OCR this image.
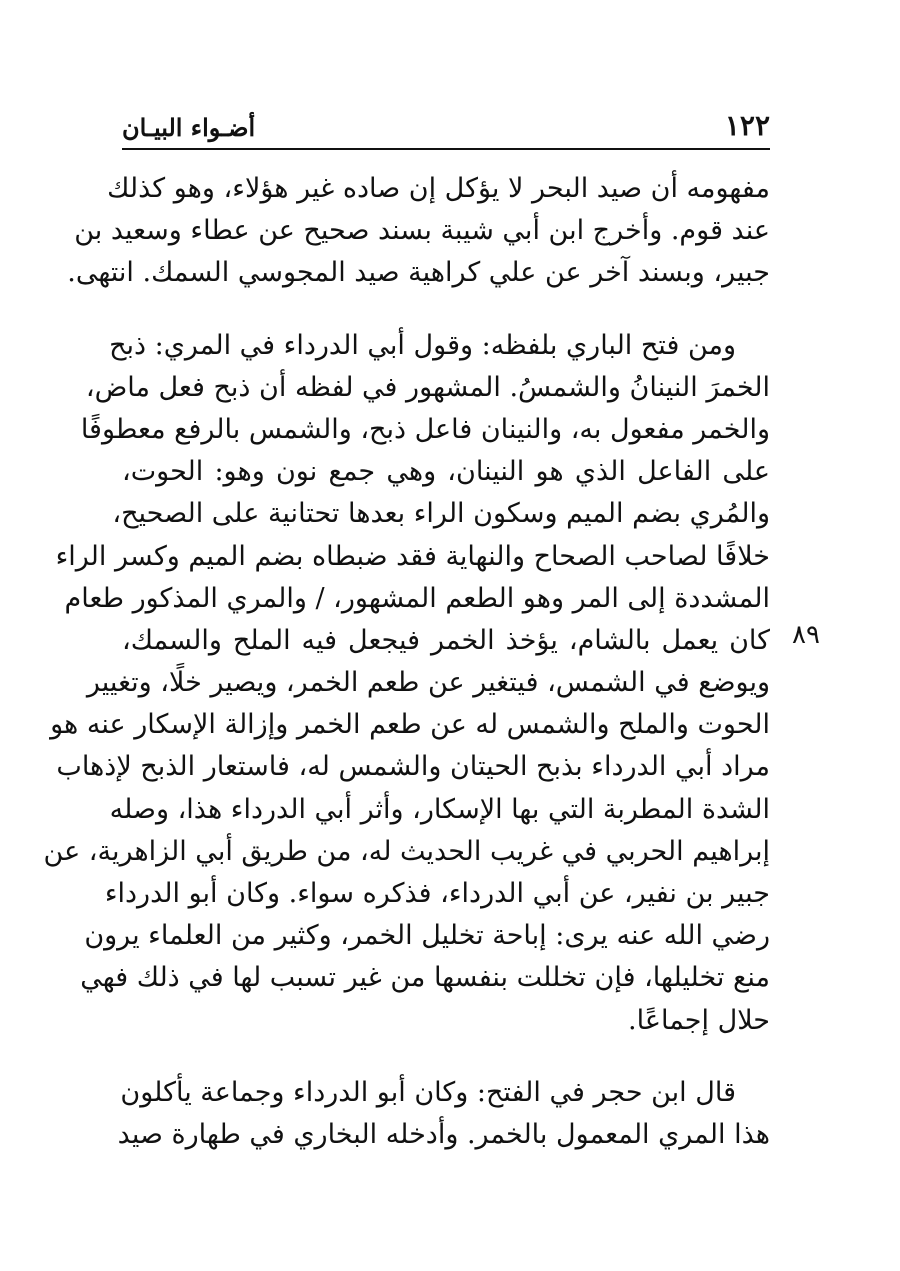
١٢٢
أضـواء البيـان
٨٩
مفهومه أن صيد البحر لا يؤكل إن صاده غير هؤلاء، وهو كذلك
عند قوم. وأخرج ابن أبي شيبة بسند صحيح عن عطاء وسعيد بن
جبير، وبسند آخر عن علي كراهية صيد المجوسي السمك. انتهى.
ومن فتح الباري بلفظه: وقول أبي الدرداء في المري: ذبح
الخمرَ النينانُ والشمسُ. المشهور في لفظه أن ذبح فعل ماض،
والخمر مفعول به، والنينان فاعل ذبح، والشمس بالرفع معطوفًا
على الفاعل الذي هو النينان، وهي جمع نون وهو: الحوت،
والمُري بضم الميم وسكون الراء بعدها تحتانية على الصحيح،
خلافًا لصاحب الصحاح والنهاية فقد ضبطاه بضم الميم وكسر الراء
المشددة إلى المر وهو الطعم المشهور، / والمري المذكور طعام
كان يعمل بالشام، يؤخذ الخمر فيجعل فيه الملح والسمك،
ويوضع في الشمس، فيتغير عن طعم الخمر، ويصير خلًا، وتغيير
الحوت والملح والشمس له عن طعم الخمر وإزالة الإسكار عنه هو
مراد أبي الدرداء بذبح الحيتان والشمس له، فاستعار الذبح لإذهاب
الشدة المطربة التي بها الإسكار، وأثر أبي الدرداء هذا، وصله
إبراهيم الحربي في غريب الحديث له، من طريق أبي الزاهرية، عن
جبير بن نفير، عن أبي الدرداء، فذكره سواء. وكان أبو الدرداء
رضي الله عنه يرى: إباحة تخليل الخمر، وكثير من العلماء يرون
منع تخليلها، فإن تخللت بنفسها من غير تسبب لها في ذلك فهي
حلال إجماعًا.
قال ابن حجر في الفتح: وكان أبو الدرداء وجماعة يأكلون
هذا المري المعمول بالخمر. وأدخله البخاري في طهارة صيد
